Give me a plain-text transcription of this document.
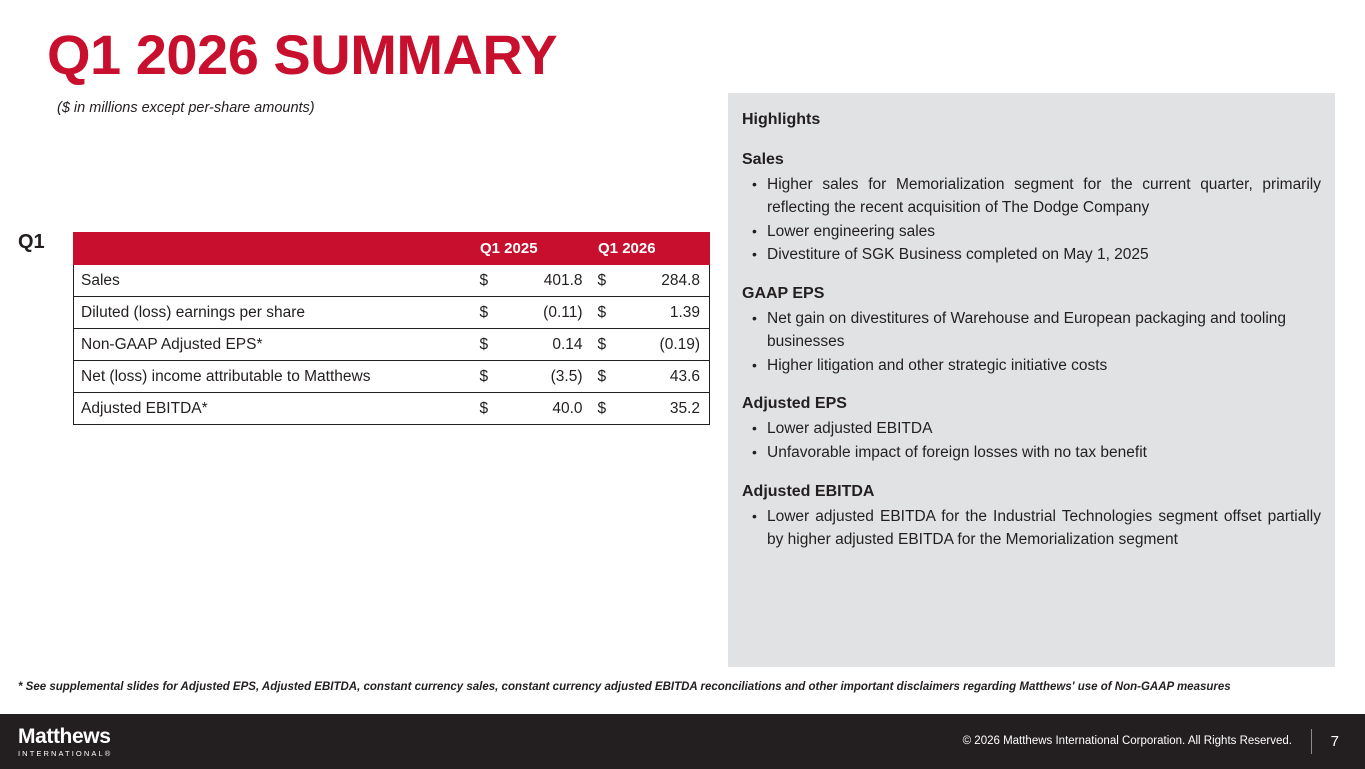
Q1 2026 SUMMARY
($ in millions except per-share amounts)
Q1
		Q1 2025		Q1 2026	
Sales	$	401.8	$	284.8
Diluted (loss) earnings per share	$	(0.11)	$	1.39
Non-GAAP Adjusted EPS*	$	0.14	$	(0.19)
Net (loss) income attributable to Matthews	$	(3.5)	$	43.6
Adjusted EBITDA*	$	40.0	$	35.2
Highlights
Sales
• Higher sales for Memorialization segment for the current quarter, primarily reflecting the recent acquisition of The Dodge Company
• Lower engineering sales
• Divestiture of SGK Business completed on May 1, 2025
GAAP EPS
• Net gain on divestitures of Warehouse and European packaging and tooling businesses
• Higher litigation and other strategic initiative costs
Adjusted EPS
• Lower adjusted EBITDA
• Unfavorable impact of foreign losses with no tax benefit
Adjusted EBITDA
• Lower adjusted EBITDA for the Industrial Technologies segment offset partially by higher adjusted EBITDA for the Memorialization segment
* See supplemental slides for Adjusted EPS, Adjusted EBITDA, constant currency sales, constant currency adjusted EBITDA reconciliations and other important disclaimers regarding Matthews' use of Non-GAAP measures
Matthews
INTERNATIONAL®
© 2026 Matthews International Corporation. All Rights Reserved.	7
